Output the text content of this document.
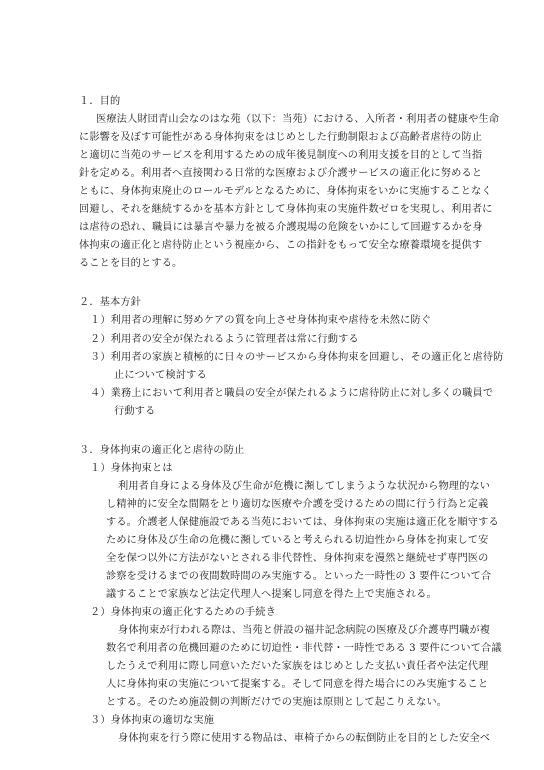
１．目的
医療法人財団青山会なのはな苑（以下：当苑）における、入所者・利用者の健康や生命
に影響を及ぼす可能性がある身体拘束をはじめとした行動制限および高齢者虐待の防止
と適切に当苑のサービスを利用するための成年後見制度への利用支援を目的として当指
針を定める。利用者へ直接関わる日常的な医療および介護サービスの適正化に努めると
ともに、身体拘束廃止のロールモデルとなるために、身体拘束をいかに実施することなく
回避し、それを継続するかを基本方針として身体拘束の実施件数ゼロを実現し、利用者に
は虐待の恐れ、職員には暴言や暴力を被る介護現場の危険をいかにして回避するかを身
体拘束の適正化と虐待防止という視座から、この指針をもって安全な療養環境を提供す
ることを目的とする。
２．基本方針
１）利用者の理解に努めケアの質を向上させ身体拘束や虐待を未然に防ぐ
２）利用者の安全が保たれるように管理者は常に行動する
３）利用者の家族と積極的に日々のサービスから身体拘束を回避し、その適正化と虐待防
止について検討する
４）業務上において利用者と職員の安全が保たれるように虐待防止に対し多くの職員で
行動する
３．身体拘束の適正化と虐待の防止
１）身体拘束とは
利用者自身による身体及び生命が危機に瀕してしまうような状況から物理的ない
し精神的に安全な間隔をとり適切な医療や介護を受けるための間に行う行為と定義
する。介護老人保健施設である当苑においては、身体拘束の実施は適正化を順守する
ために身体及び生命の危機に瀕していると考えられる切迫性から身体を拘束して安
全を保つ以外に方法がないとされる非代替性、身体拘束を漫然と継続せず専門医の
診察を受けるまでの夜間数時間のみ実施する。といった一時性の 3 要件について合
議することで家族など法定代理人へ提案し同意を得た上で実施される。
２）身体拘束の適正化するための手続き
身体拘束が行われる際は、当苑と併設の福井記念病院の医療及び介護専門職が複
数名で利用者の危機回避のために切迫性・非代替・一時性である 3 要件について合議
したうえで利用に際し同意いただいた家族をはじめとした支払い責任者や法定代理
人に身体拘束の実施について提案する。そして同意を得た場合にのみ実施すること
とする。そのため施設側の判断だけでの実施は原則として起こりえない。
３）身体拘束の適切な実施
身体拘束を行う際に使用する物品は、車椅子からの転倒防止を目的とした安全ベ
